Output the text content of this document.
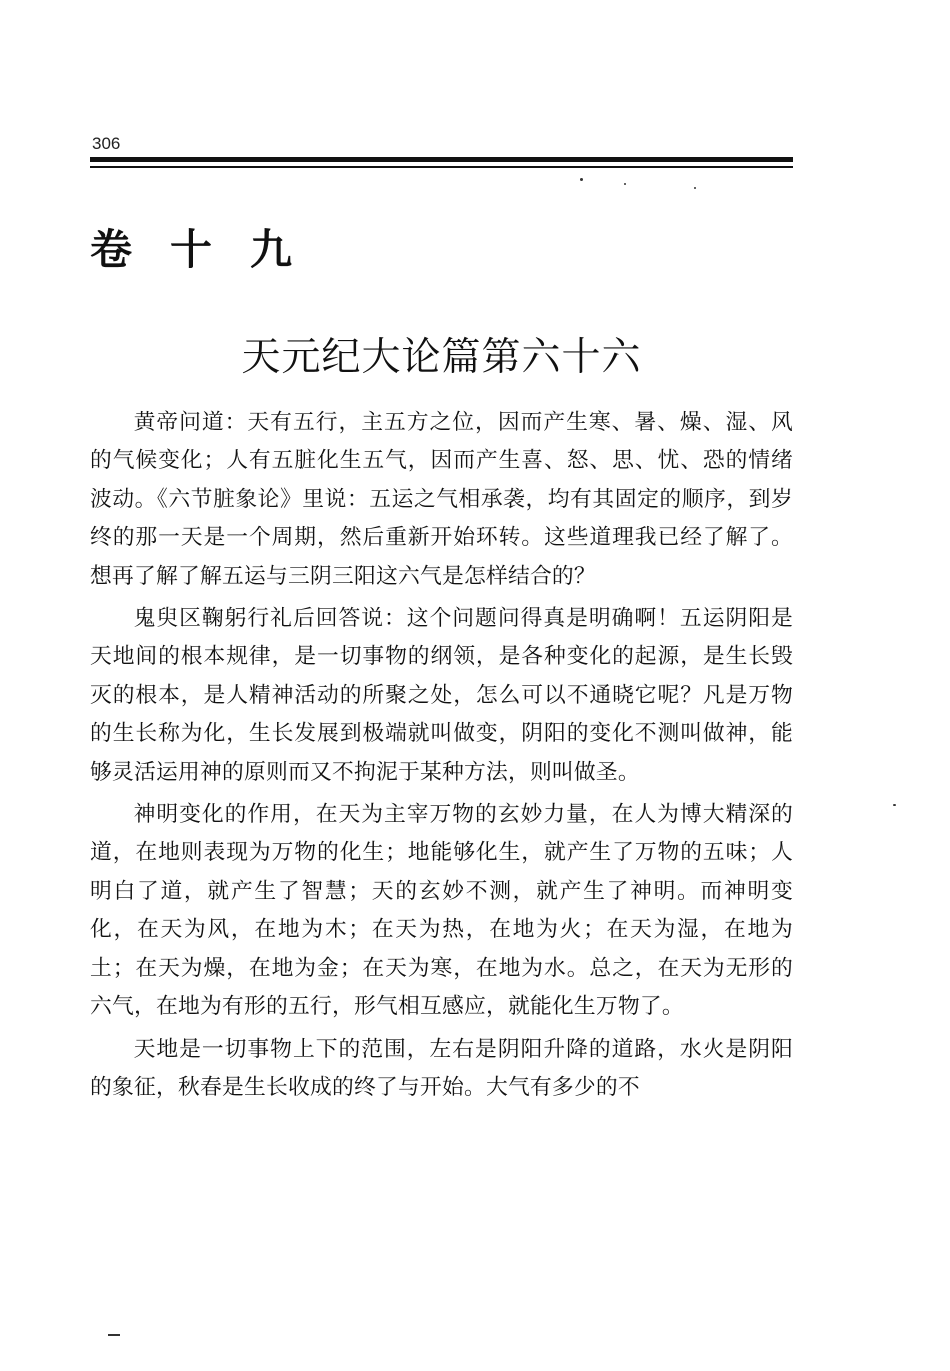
306
卷十九
天元纪大论篇第六十六

黄帝问道：天有五行，主五方之位，因而产生寒、暑、燥、湿、风的气候变化；人有五脏化生五气，因而产生喜、怒、思、忧、恐的情绪波动。《六节脏象论》里说：五运之气相承袭，均有其固定的顺序，到岁终的那一天是一个周期，然后重新开始环转。这些道理我已经了解了。想再了解了解五运与三阴三阳这六气是怎样结合的？

鬼臾区鞠躬行礼后回答说：这个问题问得真是明确啊！五运阴阳是天地间的根本规律，是一切事物的纲领，是各种变化的起源，是生长毁灭的根本，是人精神活动的所聚之处，怎么可以不通晓它呢？凡是万物的生长称为化，生长发展到极端就叫做变，阴阳的变化不测叫做神，能够灵活运用神的原则而又不拘泥于某种方法，则叫做圣。

神明变化的作用，在天为主宰万物的玄妙力量，在人为博大精深的道，在地则表现为万物的化生；地能够化生，就产生了万物的五味；人明白了道，就产生了智慧；天的玄妙不测，就产生了神明。而神明变化，在天为风，在地为木；在天为热，在地为火；在天为湿，在地为土；在天为燥，在地为金；在天为寒，在地为水。总之，在天为无形的六气，在地为有形的五行，形气相互感应，就能化生万物了。

天地是一切事物上下的范围，左右是阴阳升降的道路，水火是阴阳的象征，秋春是生长收成的终了与开始。大气有多少的不
